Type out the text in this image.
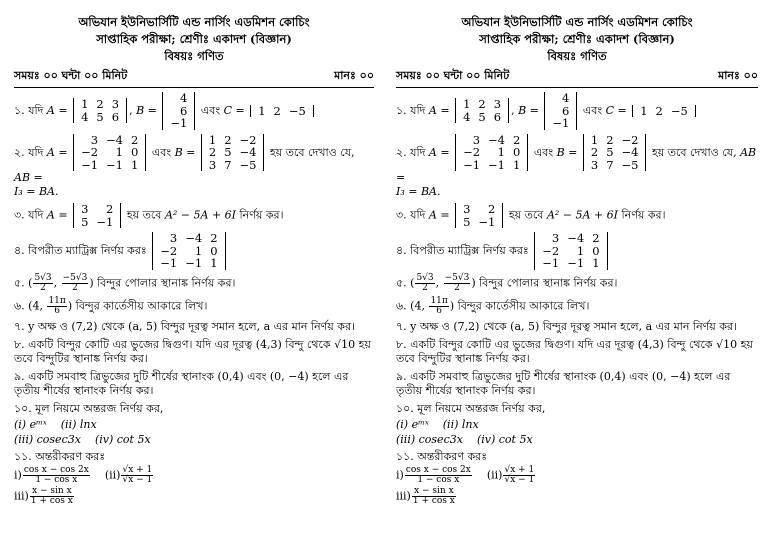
অভিযান ইউনিভার্সিটি এন্ড নার্সিং এডমিশন কোচিং
সাপ্তাহিক পরীক্ষা; শ্রেণীঃ একাদশ (বিজ্ঞান)
বিষয়ঃ গণিত
সময়ঃ ০০ ঘন্টা ০০ মিনিট	মানঃ ০০
১. যদি A = 1	2	3
4	5	6 , B = 4
6
−1 এবং C = 1	2	−5
২. যদি A = 3	−4	2
−2	1	0
−1	−1	1 এবং B = 1	2	−2
2	5	−4
3	7	−5 হয় তবে দেখাও যে, AB =
I₃ = BA.
৩. যদি A = 3	2
5	−1 হয় তবে A² − 5A + 6I নির্ণয় কর।
৪. বিপরীত ম্যাট্রিক্স নির্ণয় করঃ 3	−4	2
−2	1	0
−1	−1	1
৫. ( $\frac{5√3}{2}$ , $\frac{-5√3}{2}$ ) বিন্দুর পোলার স্থানাঙ্ক নির্ণয় কর।
৬. (4, $\frac{11\pi}{6}$ ) বিন্দুর কার্তেসীয় আকারে লিখ।
৭. y অক্ষ ও (7,2) থেকে (a, 5) বিন্দুর দূরত্ব সমান হলে, a এর মান নির্ণয় কর।
৮. একটি বিন্দুর কোটি এর ভুজের দ্বিগুণ। যদি এর দূরত্ব (4,3) বিন্দু থেকে √10 হয় তবে বিন্দুটির স্থানাঙ্ক নির্ণয় কর।
৯. একটি সমবাহু ত্রিভুজের দুটি শীর্ষের স্থানাংক (0,4) এবং (0, −4) হলে এর তৃতীয় শীর্ষের স্থানাংক নির্ণয় কর।
১০. মূল নিয়মে অন্তরজ নির্ণয় কর,
(i) eᵐˣ (ii) lnx
(iii) cosec3x (iv) cot 5x
১১. অন্তরীকরণ করঃ
$i) \frac{\text{cos x − cos 2x}}{\text{1 − cos x}} (ii) \frac{√x + 1}{√x - 1}$
$iii) \frac{\text{x − sin x}}{\text{1 + cos x}}$
অভিযান ইউনিভার্সিটি এন্ড নার্সিং এডমিশন কোচিং
সাপ্তাহিক পরীক্ষা; শ্রেণীঃ একাদশ (বিজ্ঞান)
বিষয়ঃ গণিত
সময়ঃ ০০ ঘন্টা ০০ মিনিট	মানঃ ০০
১. যদি A = 1	2	3
4	5	6 , B = 4
6
−1 এবং C = 1	2	−5
২. যদি A = 3	−4	2
−2	1	0
−1	−1	1 এবং B = 1	2	−2
2	5	−4
3	7	−5 হয় তবে দেখাও যে, AB =
I₃ = BA.
৩. যদি A = 3	2
5	−1 হয় তবে A² − 5A + 6I নির্ণয় কর।
৪. বিপরীত ম্যাট্রিক্স নির্ণয় করঃ 3	−4	2
−2	1	0
−1	−1	1
৫. ( $\frac{5√3}{2}$ , $\frac{-5√3}{2}$ ) বিন্দুর পোলার স্থানাঙ্ক নির্ণয় কর।
৬. (4, $\frac{11\pi}{6}$ ) বিন্দুর কার্তেসীয় আকারে লিখ।
৭. y অক্ষ ও (7,2) থেকে (a, 5) বিন্দুর দূরত্ব সমান হলে, a এর মান নির্ণয় কর।
৮. একটি বিন্দুর কোটি এর ভুজের দ্বিগুণ। যদি এর দূরত্ব (4,3) বিন্দু থেকে √10 হয় তবে বিন্দুটির স্থানাঙ্ক নির্ণয় কর।
৯. একটি সমবাহু ত্রিভুজের দুটি শীর্ষের স্থানাংক (0,4) এবং (0, −4) হলে এর তৃতীয় শীর্ষের স্থানাংক নির্ণয় কর।
১০. মূল নিয়মে অন্তরজ নির্ণয় কর,
(i) eᵐˣ (ii) lnx
(iii) cosec3x (iv) cot 5x
১১. অন্তরীকরণ করঃ
$i) \frac{\text{cos x − cos 2x}}{\text{1 − cos x}} (ii) \frac{√x + 1}{√x - 1}$
$iii) \frac{\text{x − sin x}}{\text{1 + cos x}}$
